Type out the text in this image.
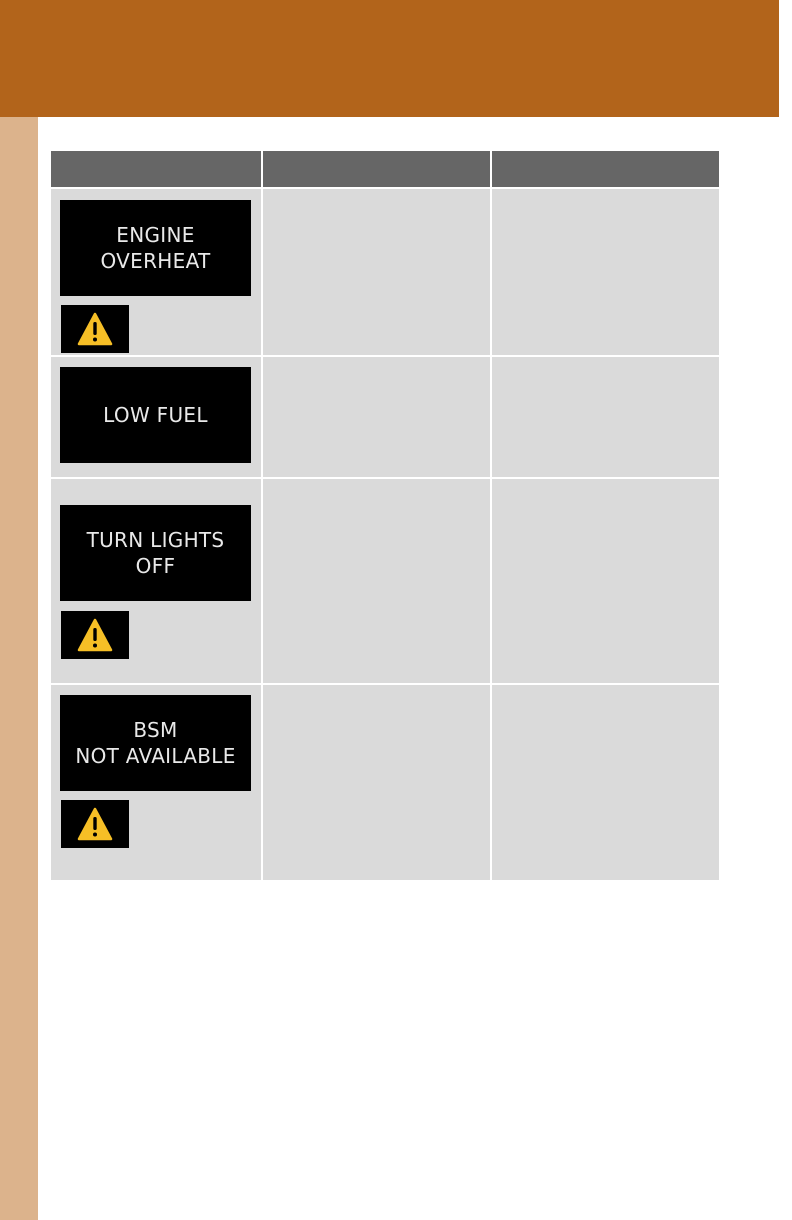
ENGINE
OVERHEAT		

LOW FUEL		

TURN LIGHTS
OFF		

BSM
NOT AVAILABLE		
